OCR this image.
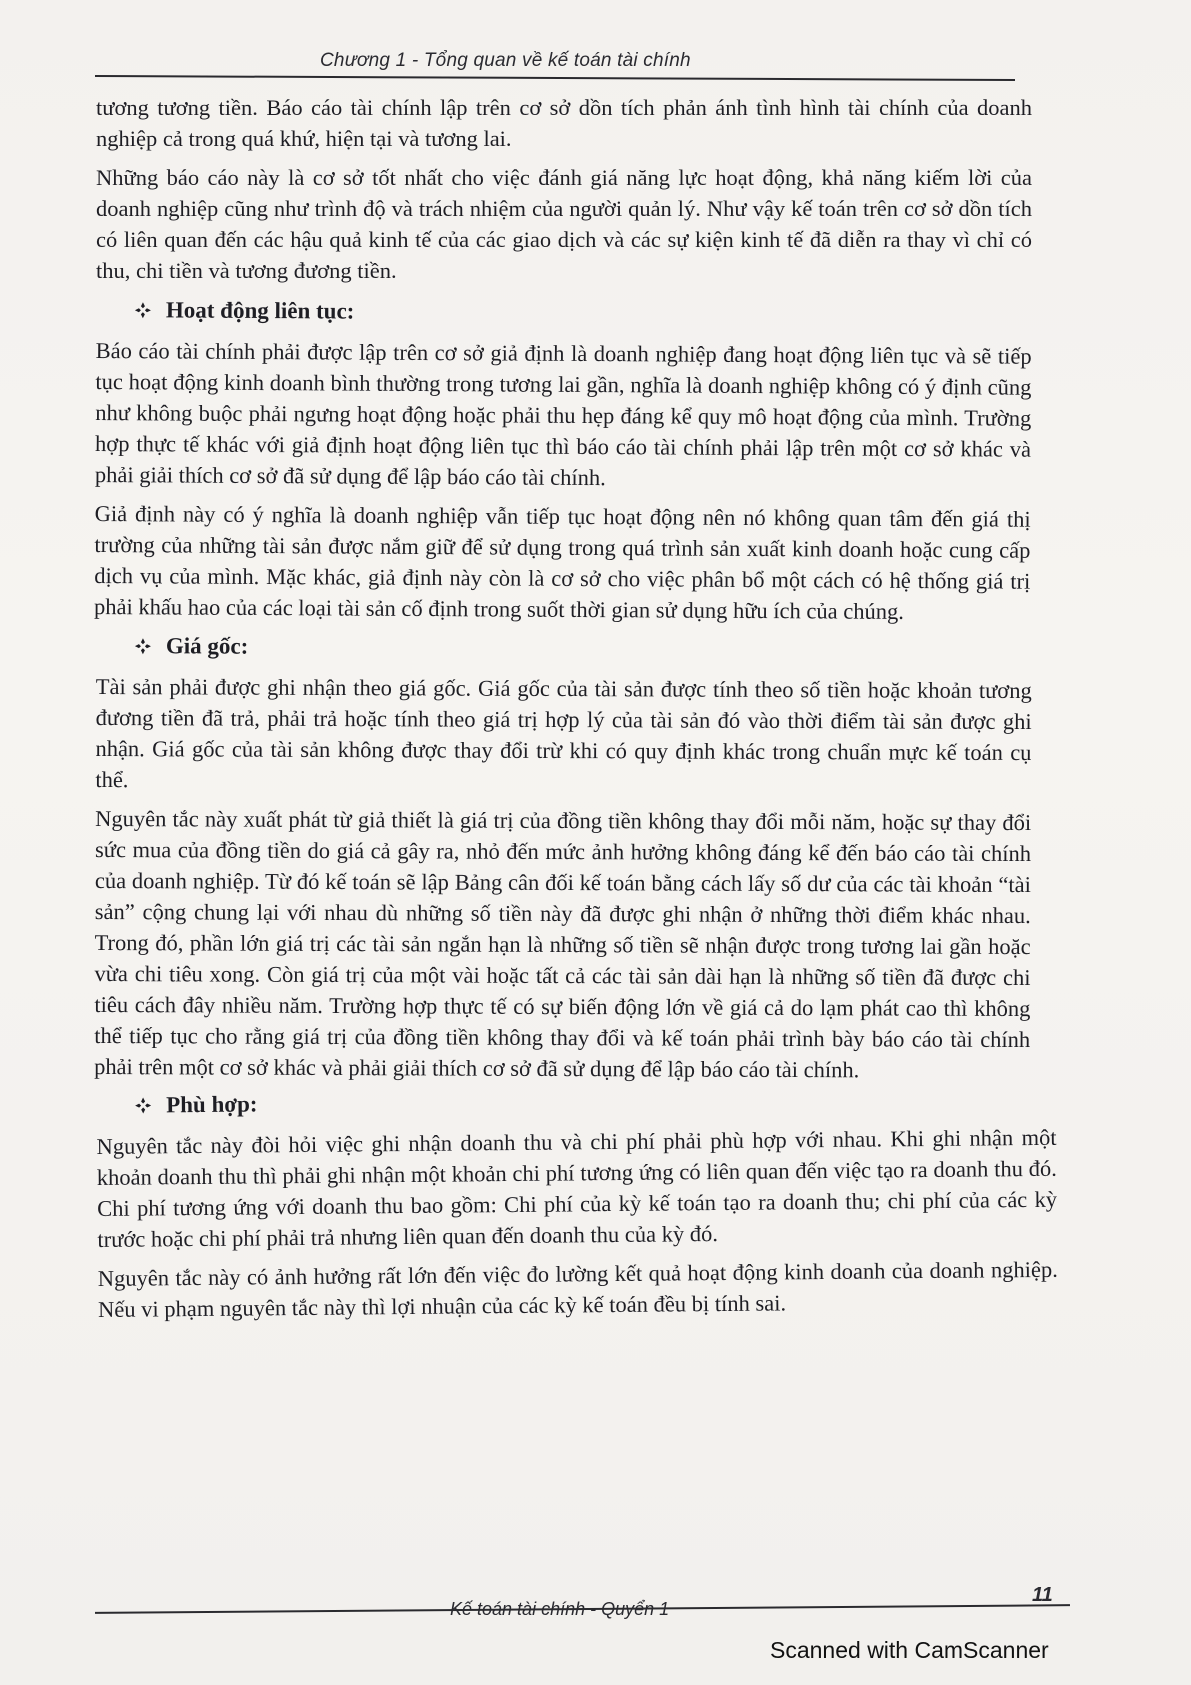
Chương 1 - Tổng quan về kế toán tài chính

tương tương tiền. Báo cáo tài chính lập trên cơ sở dồn tích phản ánh tình hình tài chính của doanh nghiệp cả trong quá khứ, hiện tại và tương lai.

Những báo cáo này là cơ sở tốt nhất cho việc đánh giá năng lực hoạt động, khả năng kiếm lời của doanh nghiệp cũng như trình độ và trách nhiệm của người quản lý. Như vậy kế toán trên cơ sở dồn tích có liên quan đến các hậu quả kinh tế của các giao dịch và các sự kiện kinh tế đã diễn ra thay vì chỉ có thu, chi tiền và tương đương tiền.

Hoạt động liên tục:

Báo cáo tài chính phải được lập trên cơ sở giả định là doanh nghiệp đang hoạt động liên tục và sẽ tiếp tục hoạt động kinh doanh bình thường trong tương lai gần, nghĩa là doanh nghiệp không có ý định cũng như không buộc phải ngưng hoạt động hoặc phải thu hẹp đáng kể quy mô hoạt động của mình. Trường hợp thực tế khác với giả định hoạt động liên tục thì báo cáo tài chính phải lập trên một cơ sở khác và phải giải thích cơ sở đã sử dụng để lập báo cáo tài chính.

Giả định này có ý nghĩa là doanh nghiệp vẫn tiếp tục hoạt động nên nó không quan tâm đến giá thị trường của những tài sản được nắm giữ để sử dụng trong quá trình sản xuất kinh doanh hoặc cung cấp dịch vụ của mình. Mặc khác, giả định này còn là cơ sở cho việc phân bổ một cách có hệ thống giá trị phải khấu hao của các loại tài sản cố định trong suốt thời gian sử dụng hữu ích của chúng.

Giá gốc:

Tài sản phải được ghi nhận theo giá gốc. Giá gốc của tài sản được tính theo số tiền hoặc khoản tương đương tiền đã trả, phải trả hoặc tính theo giá trị hợp lý của tài sản đó vào thời điểm tài sản được ghi nhận. Giá gốc của tài sản không được thay đổi trừ khi có quy định khác trong chuẩn mực kế toán cụ thể.

Nguyên tắc này xuất phát từ giả thiết là giá trị của đồng tiền không thay đổi mỗi năm, hoặc sự thay đổi sức mua của đồng tiền do giá cả gây ra, nhỏ đến mức ảnh hưởng không đáng kể đến báo cáo tài chính của doanh nghiệp. Từ đó kế toán sẽ lập Bảng cân đối kế toán bằng cách lấy số dư của các tài khoản “tài sản” cộng chung lại với nhau dù những số tiền này đã được ghi nhận ở những thời điểm khác nhau. Trong đó, phần lớn giá trị các tài sản ngắn hạn là những số tiền sẽ nhận được trong tương lai gần hoặc vừa chi tiêu xong. Còn giá trị của một vài hoặc tất cả các tài sản dài hạn là những số tiền đã được chi tiêu cách đây nhiều năm. Trường hợp thực tế có sự biến động lớn về giá cả do lạm phát cao thì không thể tiếp tục cho rằng giá trị của đồng tiền không thay đổi và kế toán phải trình bày báo cáo tài chính phải trên một cơ sở khác và phải giải thích cơ sở đã sử dụng để lập báo cáo tài chính.

Phù hợp:

Nguyên tắc này đòi hỏi việc ghi nhận doanh thu và chi phí phải phù hợp với nhau. Khi ghi nhận một khoản doanh thu thì phải ghi nhận một khoản chi phí tương ứng có liên quan đến việc tạo ra doanh thu đó. Chi phí tương ứng với doanh thu bao gồm: Chi phí của kỳ kế toán tạo ra doanh thu; chi phí của các kỳ trước hoặc chi phí phải trả nhưng liên quan đến doanh thu của kỳ đó.

Nguyên tắc này có ảnh hưởng rất lớn đến việc đo lường kết quả hoạt động kinh doanh của doanh nghiệp. Nếu vi phạm nguyên tắc này thì lợi nhuận của các kỳ kế toán đều bị tính sai.

Kế toán tài chính - Quyển 1
11
Scanned with CamScanner
